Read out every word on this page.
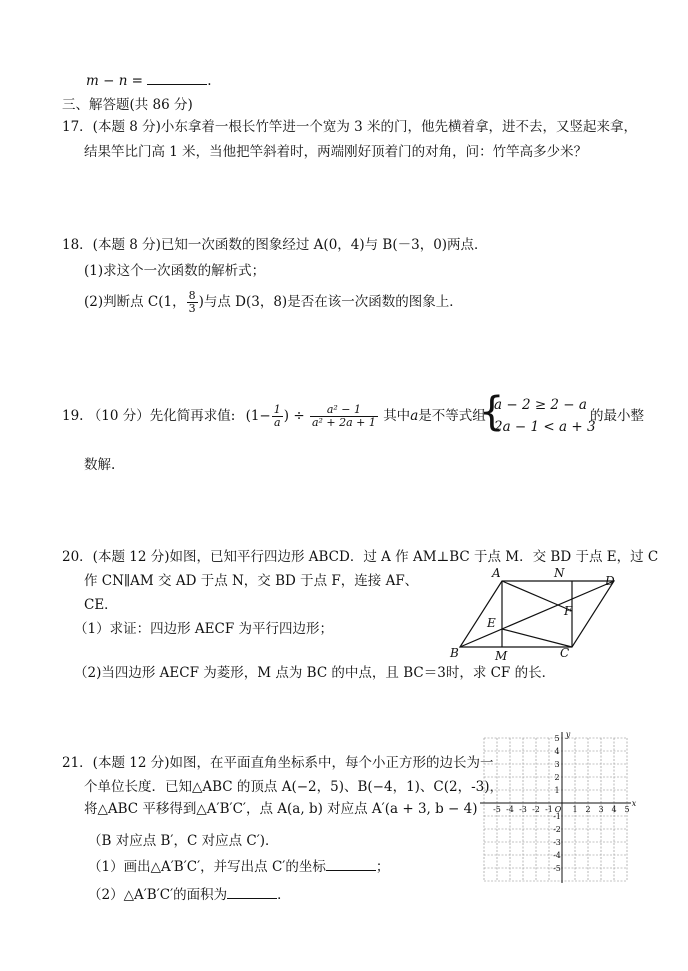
m − n =	.
三、解答题(共 86 分)
17．(本题 8 分)小东拿着一根长竹竿进一个宽为 3 米的门，他先横着拿，进不去，又竖起来拿，
结果竿比门高 1 米，当他把竿斜着时，两端刚好顶着门的对角，问：竹竿高多少米？
18．(本题 8 分)已知一次函数的图象经过 A(0，4)与 B(－3，0)两点．
(1)求这个一次函数的解析式；
(2)判断点 C(1， $\frac{8}{3}$ )与点 D(3，8)是否在该一次函数的图象上．
19. （10 分）先化简再求值: ($1- \frac{1}{a}$ ) ÷ $\frac{\text{a² − 1}}{\text{a² + 2a + 1}}$ 其中a是不等式组
{
a − 2 ≥ 2 − a
2a − 1 < a + 3
的最小整
数解.
20．(本题 12 分)如图，已知平行四边形 ABCD．过 A 作 AM⊥BC 于点 M．交 BD 于点 E，过 C
作 CN∥AM 交 AD 于点 N，交 BD 于点 F，连接 AF、
CE．
（1）求证：四边形 AECF 为平行四边形；
（2)当四边形 AECF 为菱形，M 点为 BC 的中点，且 BC＝3时，求 CF 的长．
A	N
D
F
E
B	M	C
21．(本题 12 分)如图，在平面直角坐标系中，每个小正方形的边长为一
个单位长度．已知△ABC 的顶点 A(−2，5)、B(−4，1)、C(2，-3)，
将△ABC 平移得到△A′B′C′，点 A(a, b) 对应点 A′(a + 3, b − 4)
（B 对应点 B′，C 对应点 C′)．
（1）画出△A′B′C′，并写出点 C′的坐标	；
（2）△A′B′C′的面积为	．
-5 -4 -3 -2 -1 1 2 3 4 5
5
4
3
2
1
-1
-2
-3
-4
-5
O
x
y
